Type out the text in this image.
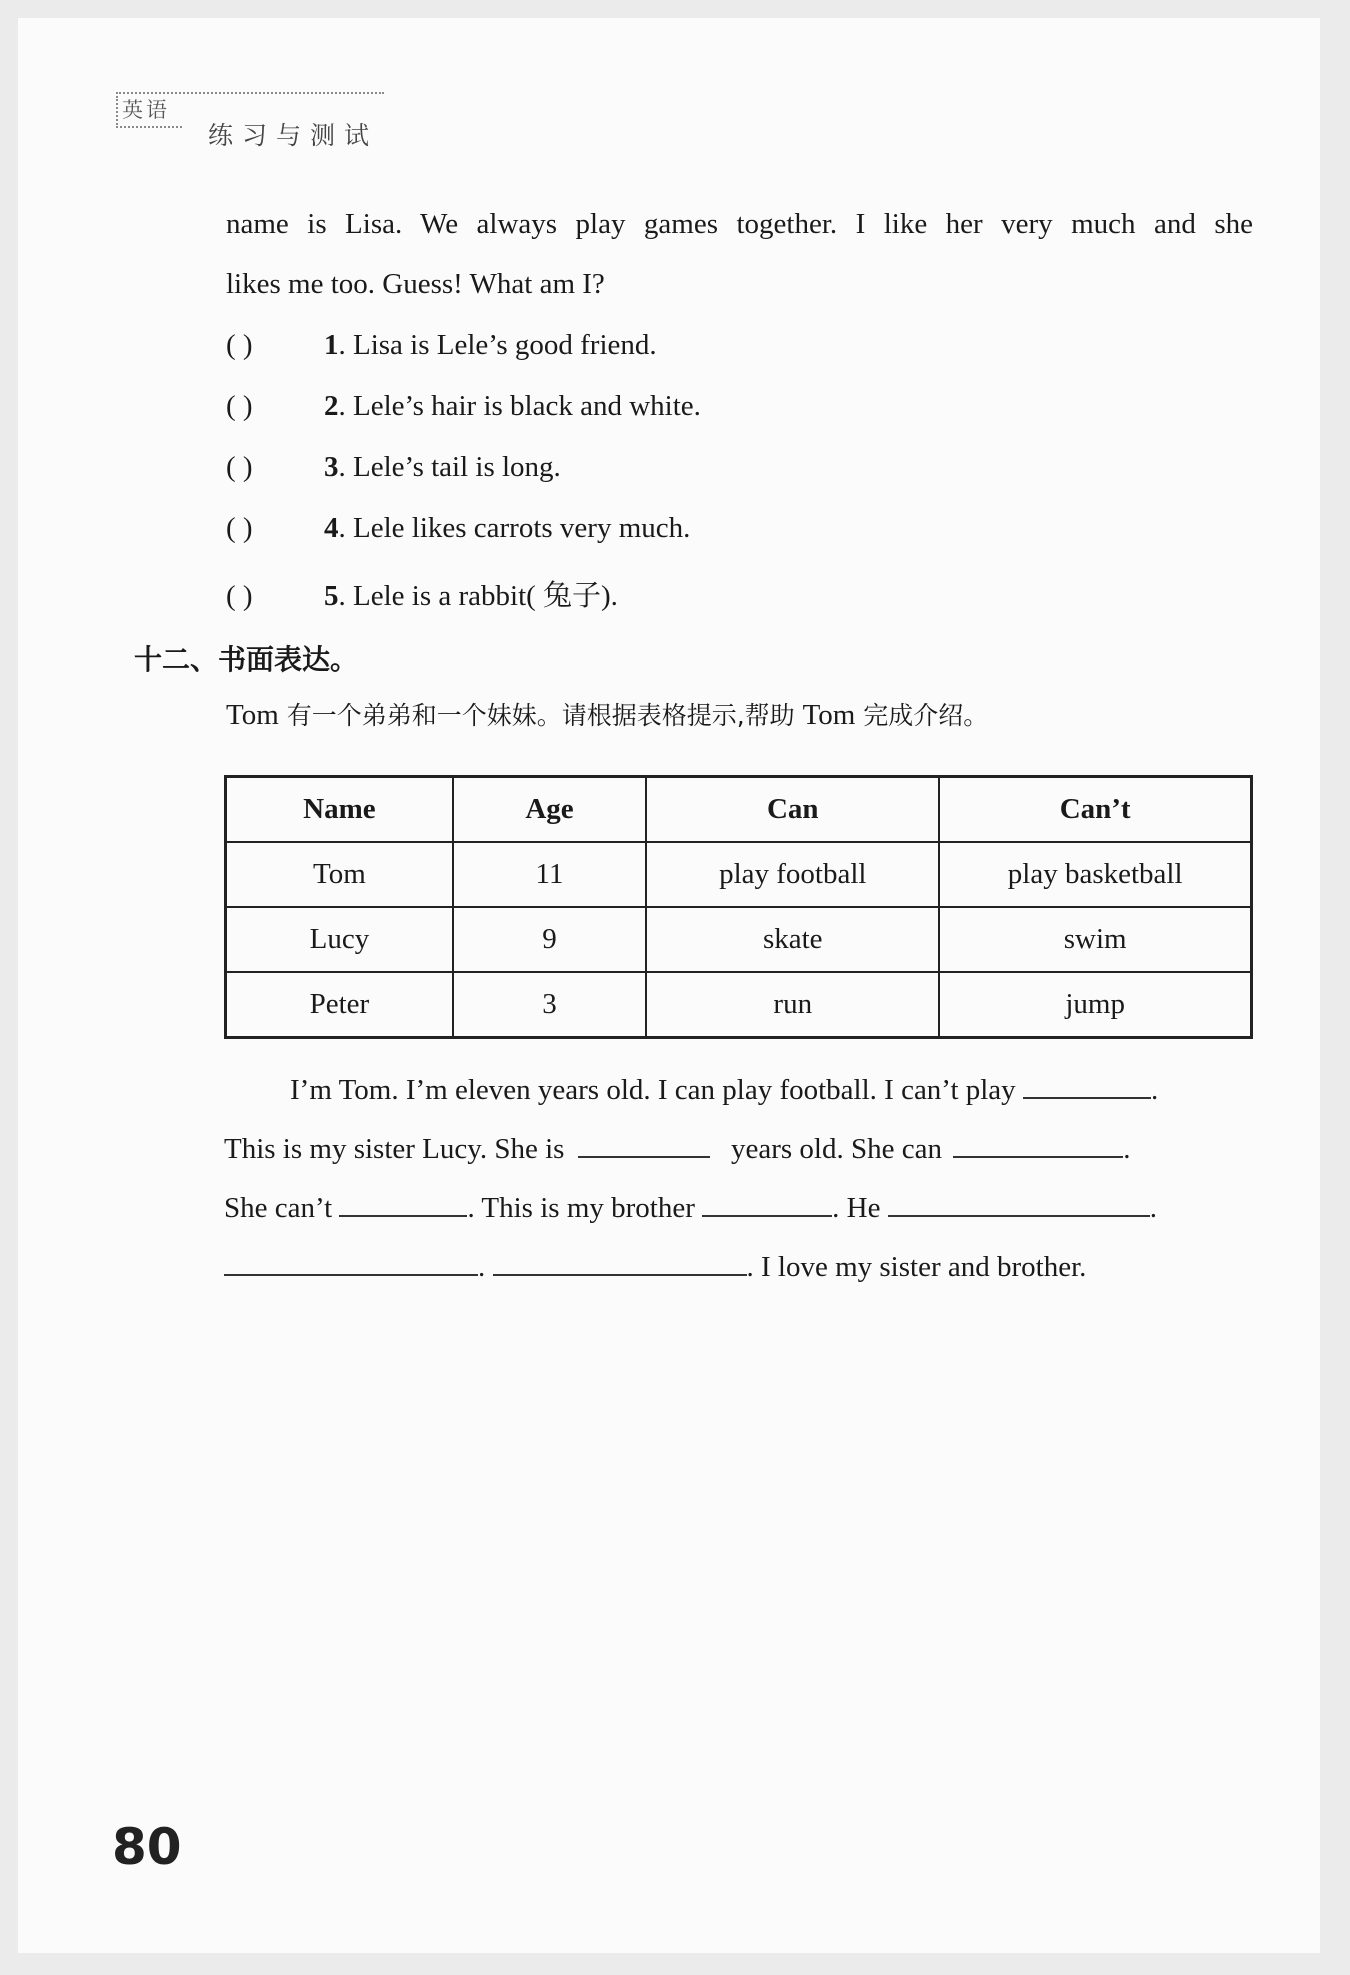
英语
练习与测试
name is Lisa. We always play games together. I like her very much and she
likes me too. Guess! What am I?
( ) 1. Lisa is Lele’s good friend.
( ) 2. Lele’s hair is black and white.
( ) 3. Lele’s tail is long.
( ) 4. Lele likes carrots very much.
( ) 5. Lele is a rabbit( 兔子).
十二、书面表达。
Tom 有一个弟弟和一个妹妹。请根据表格提示,帮助 Tom 完成介绍。
Name	Age	Can	Can’t
Tom	11	play football	play basketball
Lucy	9	skate	swim
Peter	3	run	jump
I’m Tom. I’m eleven years old. I can play football. I can’t play	.
This is my sister Lucy. She is	years old. She can	.
She can’t	. This is my brother	. He	.
.	. I love my sister and brother.
80
